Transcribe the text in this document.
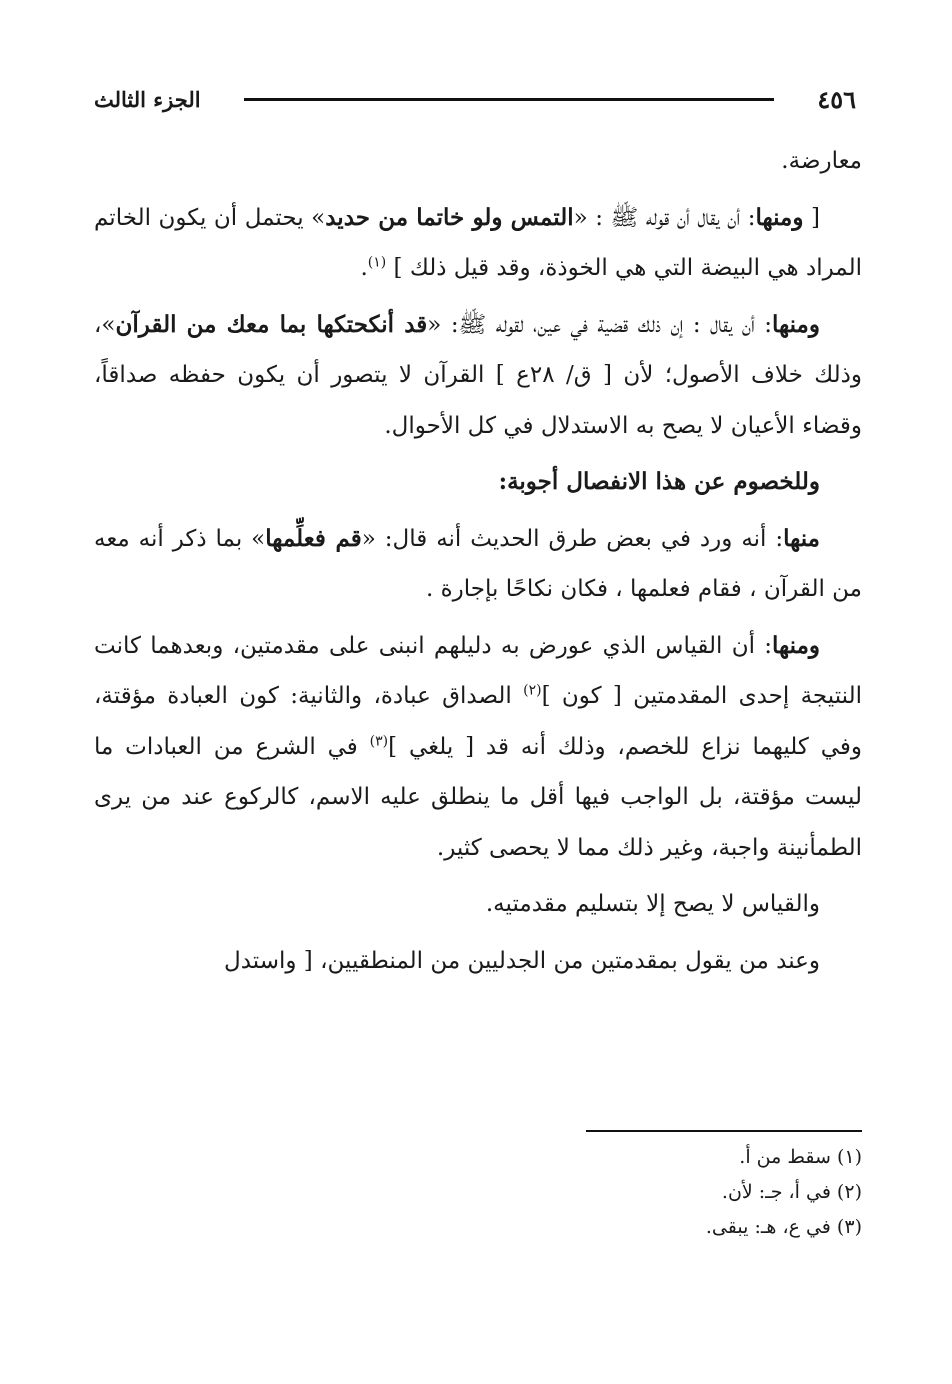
٤٥٦
الجزء الثالث

معارضة.

[ ومنها: أن يقال أن قوله ﷺ : «التمس ولو خاتما من حديد» يحتمل أن يكون الخاتم المراد هي البيضة التي هي الخوذة، وقد قيل ذلك ] $^{(١)}$.

ومنها: أن يقال : إن ذلك قضية في عين، لقوله ﷺ: «قد أنكحتكها بما معك من القرآن»، وذلك خلاف الأصول؛ لأن [ ق/ ٢٨ع ] القرآن لا يتصور أن يكون حفظه صداقاً، وقضاء الأعيان لا يصح به الاستدلال في كل الأحوال.

وللخصوم عن هذا الانفصال أجوبة:

منها: أنه ورد في بعض طرق الحديث أنه قال: «قم فعلِّمها» بما ذكر أنه معه من القرآن ، فقام فعلمها ، فكان نكاحًا بإجارة .

ومنها: أن القياس الذي عورض به دليلهم انبنى على مقدمتين، وبعدهما كانت النتيجة إحدى المقدمتين [ كون ]$^{(٢)}$ الصداق عبادة، والثانية: كون العبادة مؤقتة، وفي كليهما نزاع للخصم، وذلك أنه قد [ يلغي ]$^{(٣)}$ في الشرع من العبادات ما ليست مؤقتة، بل الواجب فيها أقل ما ينطلق عليه الاسم، كالركوع عند من يرى الطمأنينة واجبة، وغير ذلك مما لا يحصى كثير.

والقياس لا يصح إلا بتسليم مقدمتيه.

وعند من يقول بمقدمتين من الجدليين من المنطقيين، [ واستدل

(١) سقط من أ.
(٢) في أ، جـ: لأن.
(٣) في ع، هـ: يبقى.
